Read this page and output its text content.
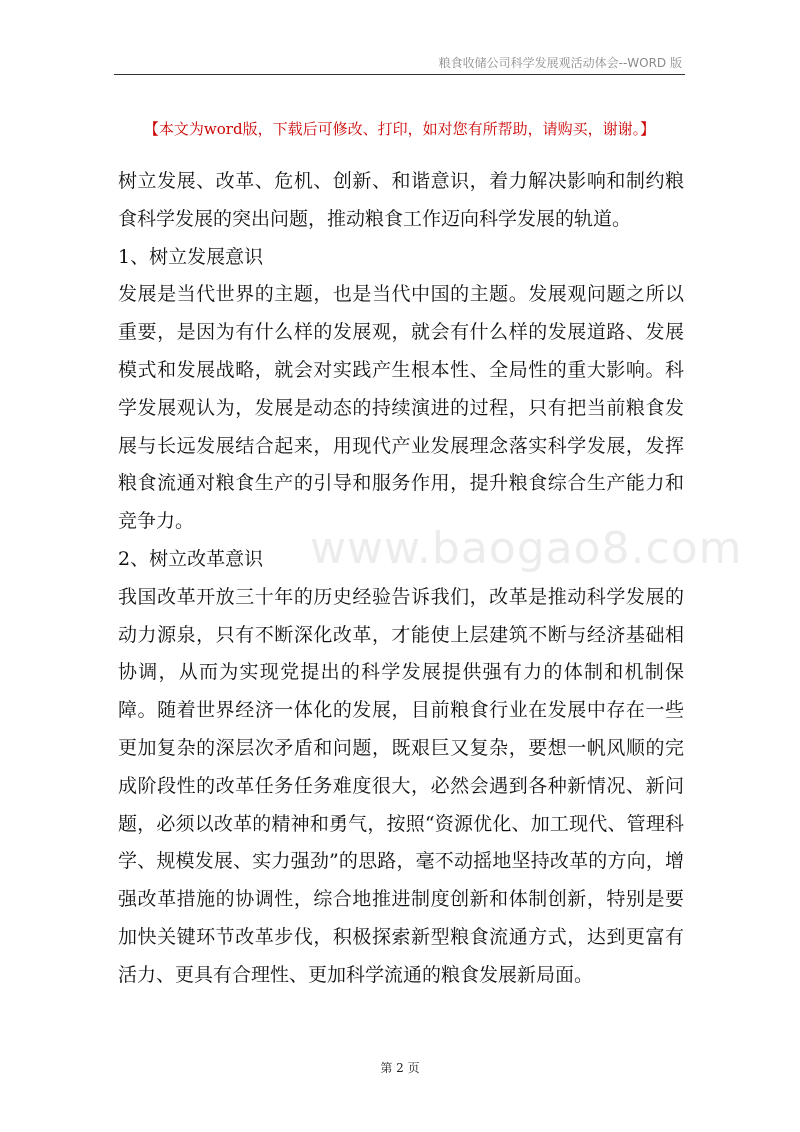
粮食收储公司科学发展观活动体会--WORD 版
【本文为word版，下载后可修改、打印，如对您有所帮助，请购买，谢谢。】

树立发展、改革、危机、创新、和谐意识，着力解决影响和制约粮食科学发展的突出问题，推动粮食工作迈向科学发展的轨道。

1、树立发展意识

发展是当代世界的主题，也是当代中国的主题。发展观问题之所以重要，是因为有什么样的发展观，就会有什么样的发展道路、发展模式和发展战略，就会对实践产生根本性、全局性的重大影响。科学发展观认为，发展是动态的持续演进的过程，只有把当前粮食发展与长远发展结合起来，用现代产业发展理念落实科学发展，发挥粮食流通对粮食生产的引导和服务作用，提升粮食综合生产能力和竞争力。

2、树立改革意识

我国改革开放三十年的历史经验告诉我们，改革是推动科学发展的动力源泉，只有不断深化改革，才能使上层建筑不断与经济基础相协调，从而为实现党提出的科学发展提供强有力的体制和机制保障。随着世界经济一体化的发展，目前粮食行业在发展中存在一些更加复杂的深层次矛盾和问题，既艰巨又复杂，要想一帆风顺的完成阶段性的改革任务任务难度很大，必然会遇到各种新情况、新问题，必须以改革的精神和勇气，按照“资源优化、加工现代、管理科学、规模发展、实力强劲”的思路，毫不动摇地坚持改革的方向，增强改革措施的协调性，综合地推进制度创新和体制创新，特别是要加快关键环节改革步伐，积极探索新型粮食流通方式，达到更富有活力、更具有合理性、更加科学流通的粮食发展新局面。

www.baogao8.com
第 2 页
